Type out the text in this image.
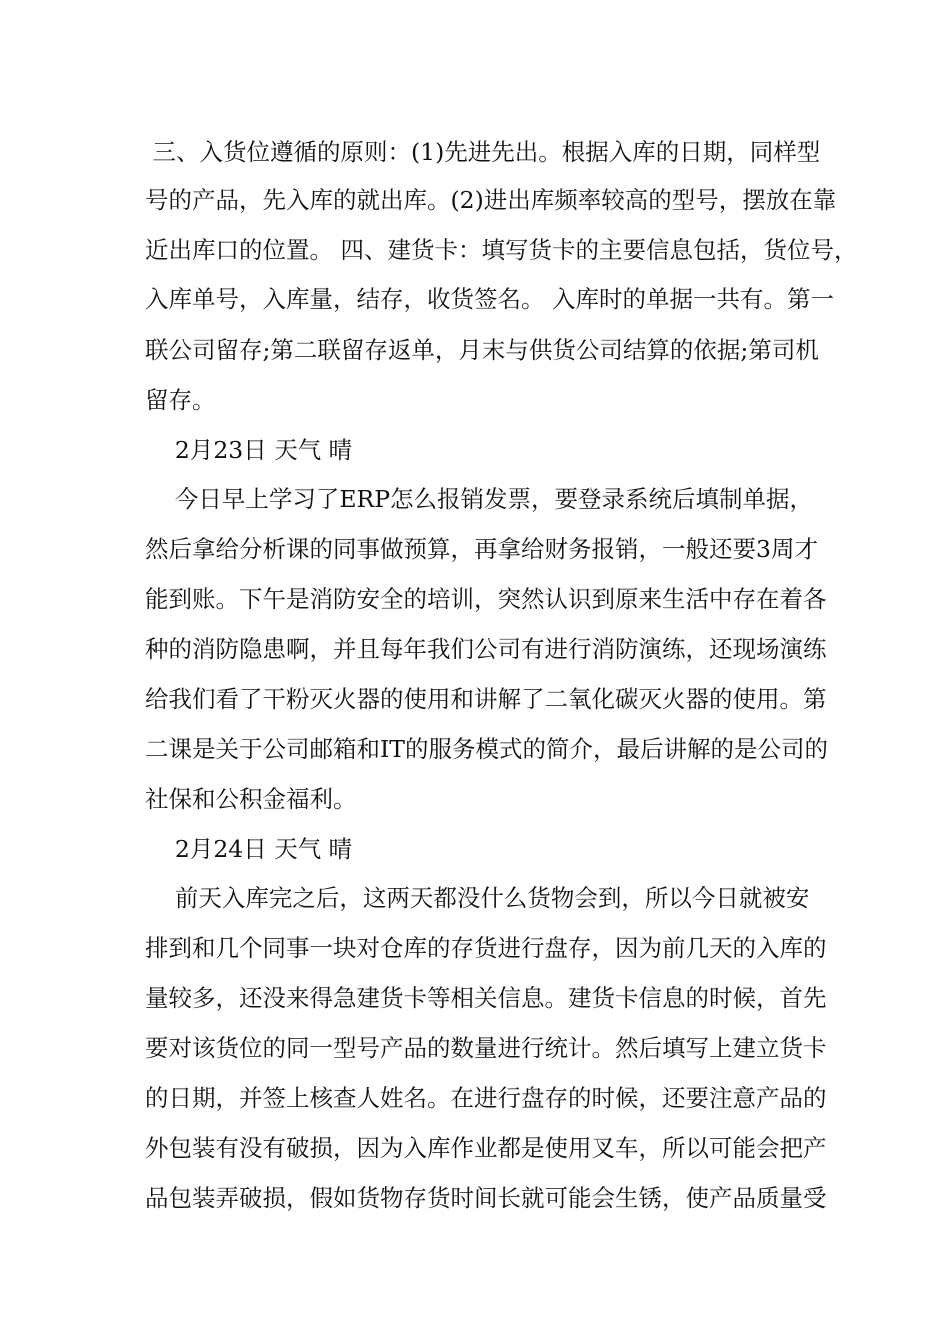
三、入货位遵循的原则：(1)先进先出。根据入库的日期，同样型
号的产品，先入库的就出库。(2)进出库频率较高的型号，摆放在靠
近出库口的位置。 四、建货卡：填写货卡的主要信息包括，货位号，
入库单号，入库量，结存，收货签名。 入库时的单据一共有。第一
联公司留存;第二联留存返单，月末与供货公司结算的依据;第司机
留存。
2月23日 天气 晴
今日早上学习了ERP怎么报销发票，要登录系统后填制单据，
然后拿给分析课的同事做预算，再拿给财务报销，一般还要3周才
能到账。下午是消防安全的培训，突然认识到原来生活中存在着各
种的消防隐患啊，并且每年我们公司有进行消防演练，还现场演练
给我们看了干粉灭火器的使用和讲解了二氧化碳灭火器的使用。第
二课是关于公司邮箱和IT的服务模式的简介，最后讲解的是公司的
社保和公积金福利。
2月24日 天气 晴
前天入库完之后，这两天都没什么货物会到，所以今日就被安
排到和几个同事一块对仓库的存货进行盘存，因为前几天的入库的
量较多，还没来得急建货卡等相关信息。建货卡信息的时候，首先
要对该货位的同一型号产品的数量进行统计。然后填写上建立货卡
的日期，并签上核查人姓名。在进行盘存的时候，还要注意产品的
外包装有没有破损，因为入库作业都是使用叉车，所以可能会把产
品包装弄破损，假如货物存货时间长就可能会生锈，使产品质量受
